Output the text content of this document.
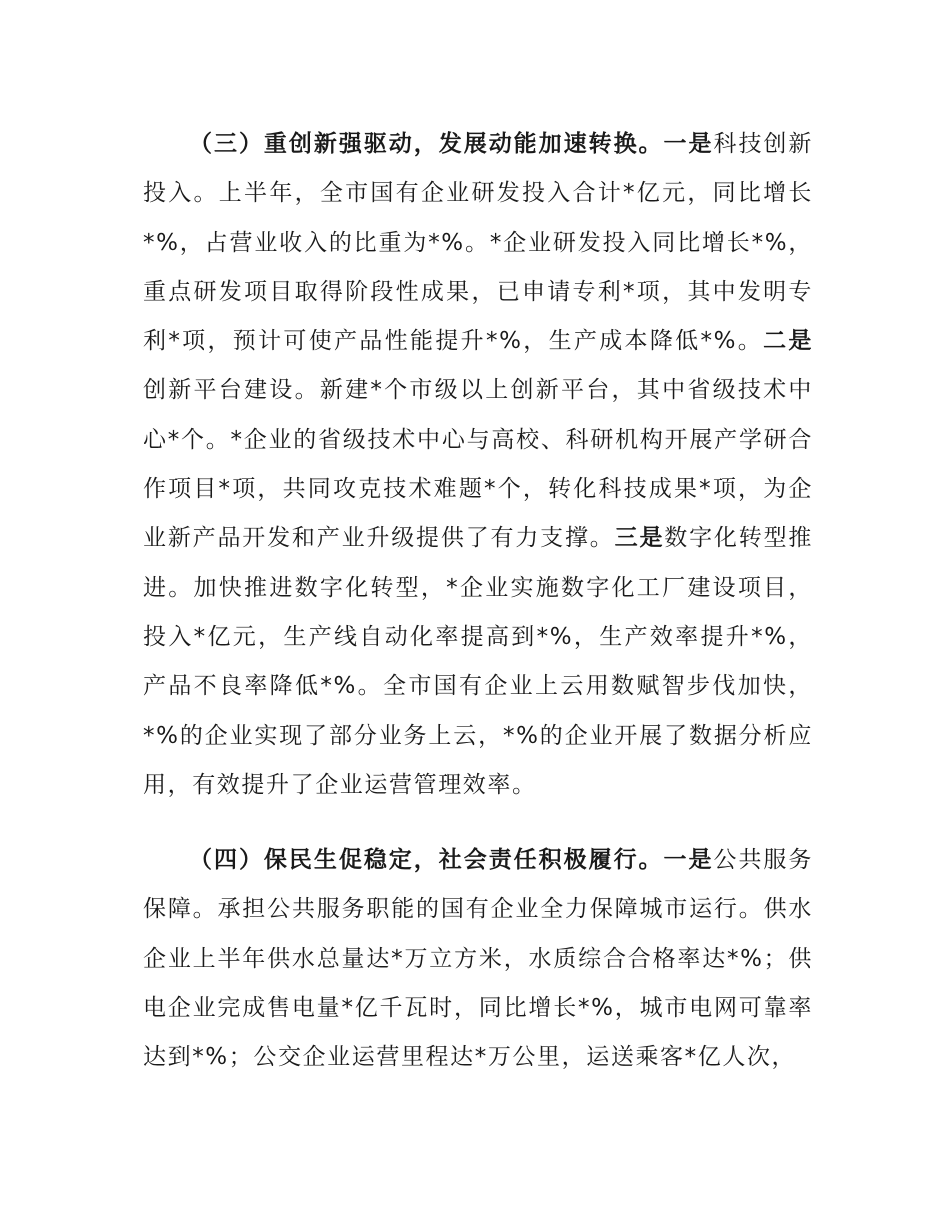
（三）重创新强驱动，发展动能加速转换。一是科技创新投入。上半年，全市国有企业研发投入合计*亿元，同比增长*%，占营业收入的比重为*%。*企业研发投入同比增长*%，重点研发项目取得阶段性成果，已申请专利*项，其中发明专利*项，预计可使产品性能提升*%，生产成本降低*%。二是创新平台建设。新建*个市级以上创新平台，其中省级技术中心*个。*企业的省级技术中心与高校、科研机构开展产学研合作项目*项，共同攻克技术难题*个，转化科技成果*项，为企业新产品开发和产业升级提供了有力支撑。三是数字化转型推进。加快推进数字化转型，*企业实施数字化工厂建设项目，投入*亿元，生产线自动化率提高到*%，生产效率提升*%，产品不良率降低*%。全市国有企业上云用数赋智步伐加快，*%的企业实现了部分业务上云，*%的企业开展了数据分析应用，有效提升了企业运营管理效率。

（四）保民生促稳定，社会责任积极履行。一是公共服务保障。承担公共服务职能的国有企业全力保障城市运行。供水企业上半年供水总量达*万立方米，水质综合合格率达*%；供电企业完成售电量*亿千瓦时，同比增长*%，城市电网可靠率达到*%；公交企业运营里程达*万公里，运送乘客*亿人次，
